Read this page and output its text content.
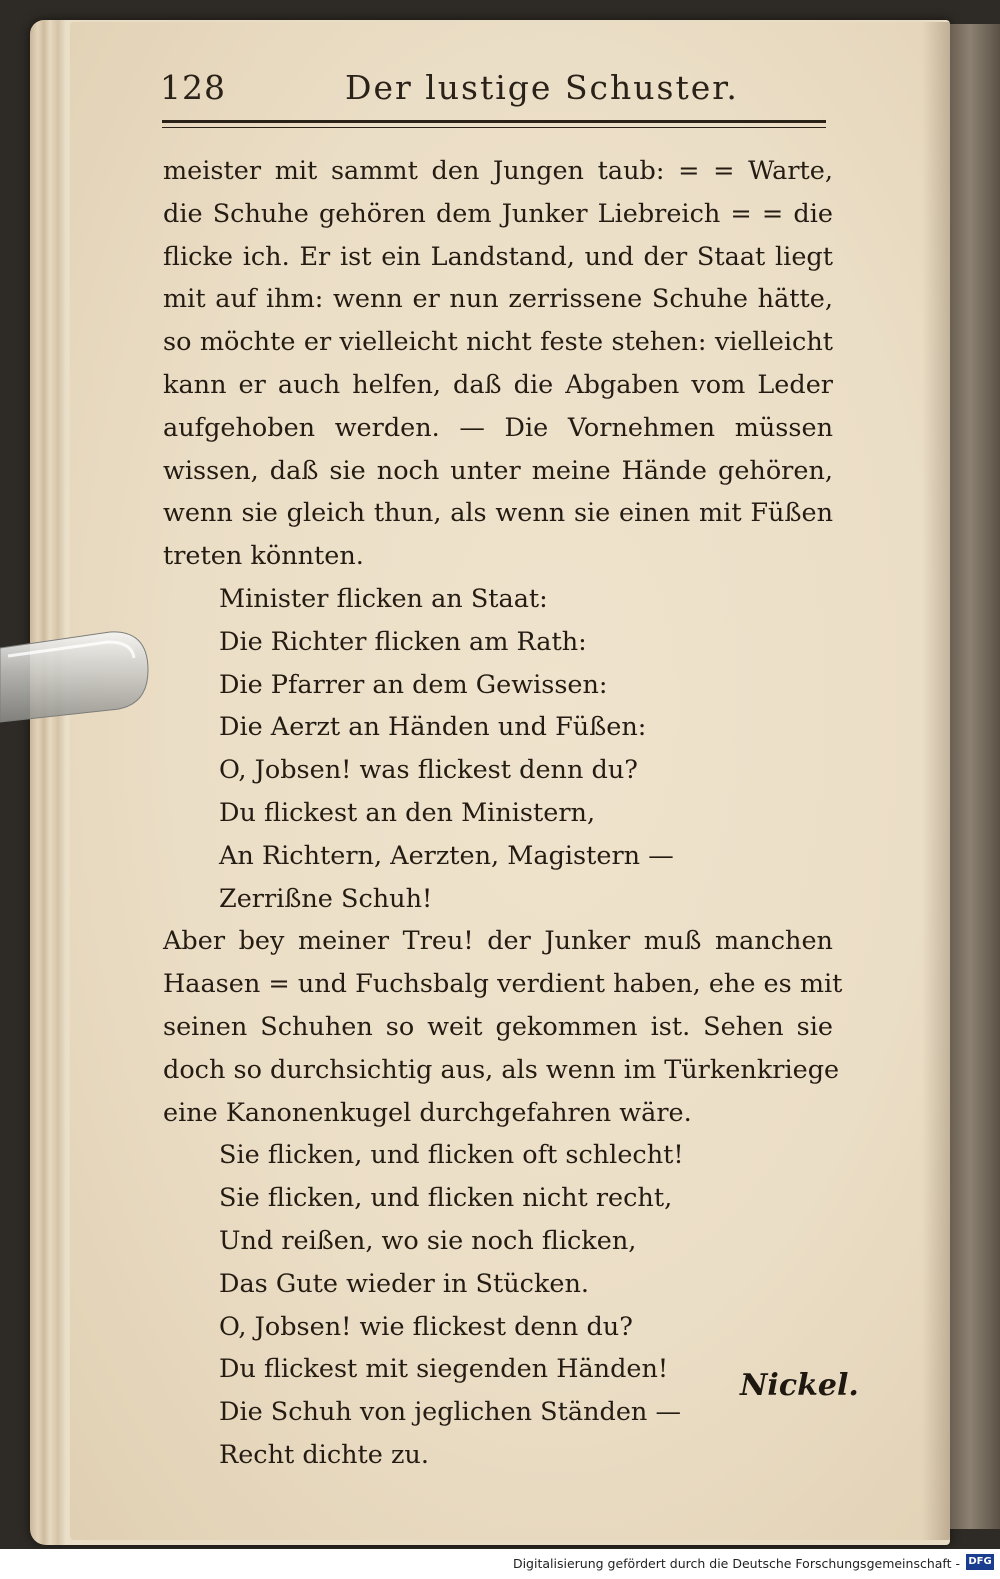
128	Der lustige Schuster.
meister mit sammt den Jungen taub: = = Warte,
die Schuhe gehören dem Junker Liebreich = = die
flicke ich. Er ist ein Landstand, und der Staat liegt
mit auf ihm: wenn er nun zerrissene Schuhe hätte,
so möchte er vielleicht nicht feste stehen: vielleicht
kann er auch helfen, daß die Abgaben vom Leder
aufgehoben werden. — Die Vornehmen müssen
wissen, daß sie noch unter meine Hände gehören,
wenn sie gleich thun, als wenn sie einen mit Füßen
treten könnten.
Minister flicken an Staat:
Die Richter flicken am Rath:
Die Pfarrer an dem Gewissen:
Die Aerzt an Händen und Füßen:
O, Jobsen! was flickest denn du?
Du flickest an den Ministern,
An Richtern, Aerzten, Magistern —
Zerrißne Schuh!
Aber bey meiner Treu! der Junker muß manchen
Haasen = und Fuchsbalg verdient haben, ehe es mit
seinen Schuhen so weit gekommen ist. Sehen sie
doch so durchsichtig aus, als wenn im Türkenkriege
eine Kanonenkugel durchgefahren wäre.
Sie flicken, und flicken oft schlecht!
Sie flicken, und flicken nicht recht,
Und reißen, wo sie noch flicken,
Das Gute wieder in Stücken.
O, Jobsen! wie flickest denn du?
Du flickest mit siegenden Händen!
Die Schuh von jeglichen Ständen —
Recht dichte zu.
Nickel.
Digitalisierung gefördert durch die Deutsche Forschungsgemeinschaft - DFG
